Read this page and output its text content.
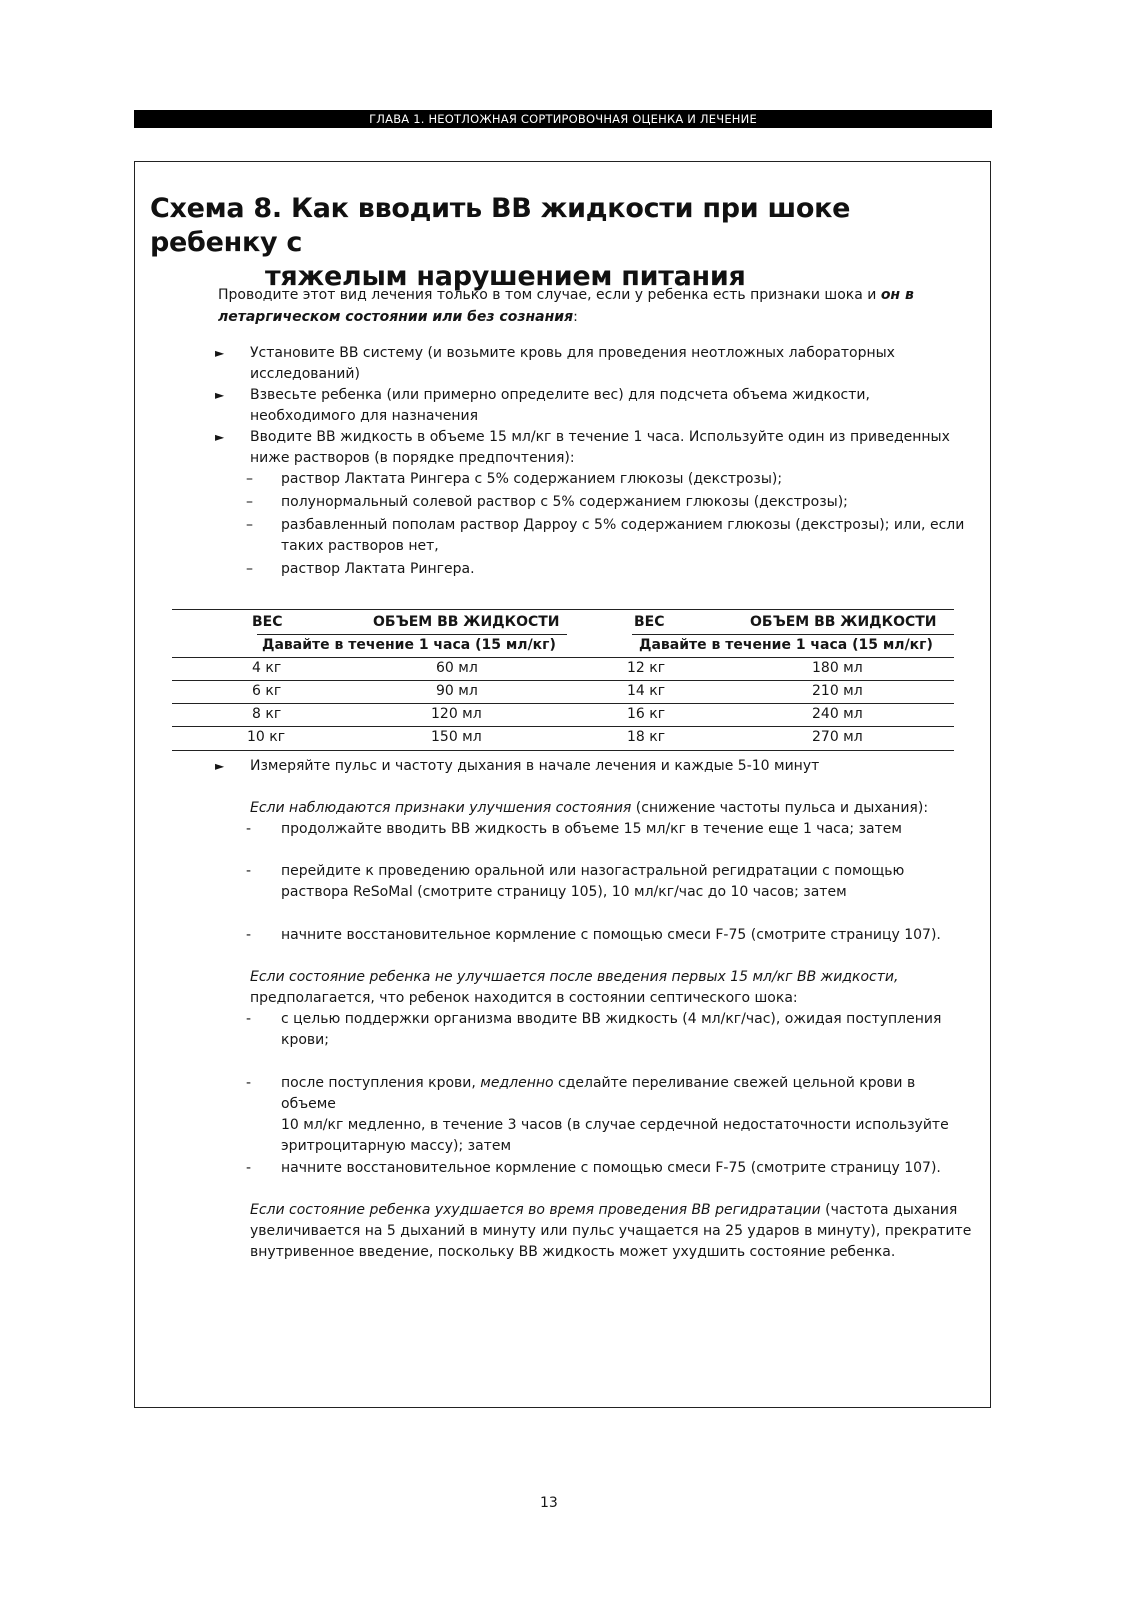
ГЛАВА 1. НЕОТЛОЖНАЯ СОРТИРОВОЧНАЯ ОЦЕНКА И ЛЕЧЕНИЕ
Схема 8. Как вводить ВВ жидкости при шоке ребенку с
тяжелым нарушением питания
Проводите этот вид лечения только в том случае, если у ребенка есть признаки шока и он в
летаргическом состоянии или без сознания:
►	Установите ВВ систему (и возьмите кровь для проведения неотложных лабораторных
исследований)
►	Взвесьте ребенка (или примерно определите вес) для подсчета объема жидкости,
необходимого для назначения
►	Вводите ВВ жидкость в объеме 15 мл/кг в течение 1 часа. Используйте один из приведенных
ниже растворов (в порядке предпочтения):
– раствор Лактата Рингера с 5% содержанием глюкозы (декстрозы);
– полунормальный солевой раствор с 5% содержанием глюкозы (декстрозы);
– разбавленный пополам раствор Дарроу с 5% содержанием глюкозы (декстрозы); или, если
таких растворов нет,
– раствор Лактата Рингера.
ВЕС	ОБЪЕМ ВВ ЖИДКОСТИ	ВЕС	ОБЪЕМ ВВ ЖИДКОСТИ
Давайте в течение 1 часа (15 мл/кг)	Давайте в течение 1 часа (15 мл/кг)
4 кг	60 мл	12 кг	180 мл
6 кг	90 мл	14 кг	210 мл
8 кг	120 мл	16 кг	240 мл
10 кг	150 мл	18 кг	270 мл
►	Измеряйте пульс и частоту дыхания в начале лечения и каждые 5-10 минут
Если наблюдаются признаки улучшения состояния (снижение частоты пульса и дыхания):
- продолжайте вводить ВВ жидкость в объеме 15 мл/кг в течение еще 1 часа; затем
- перейдите к проведению оральной или назогастральной регидратации с помощью
раствора ReSoMal (смотрите страницу 105), 10 мл/кг/час до 10 часов; затем
- начните восстановительное кормление с помощью смеси F-75 (смотрите страницу 107).
Если состояние ребенка не улучшается после введения первых 15 мл/кг ВВ жидкости,
предполагается, что ребенок находится в состоянии септического шока:
- с целью поддержки организма вводите ВВ жидкость (4 мл/кг/час), ожидая поступления
крови;
- после поступления крови, медленно сделайте переливание свежей цельной крови в объеме
10 мл/кг медленно, в течение 3 часов (в случае сердечной недостаточности используйте
эритроцитарную массу); затем
- начните восстановительное кормление с помощью смеси F-75 (смотрите страницу 107).
Если состояние ребенка ухудшается во время проведения ВВ регидратации (частота дыхания
увеличивается на 5 дыханий в минуту или пульс учащается на 25 ударов в минуту), прекратите
внутривенное введение, поскольку ВВ жидкость может ухудшить состояние ребенка.
13
